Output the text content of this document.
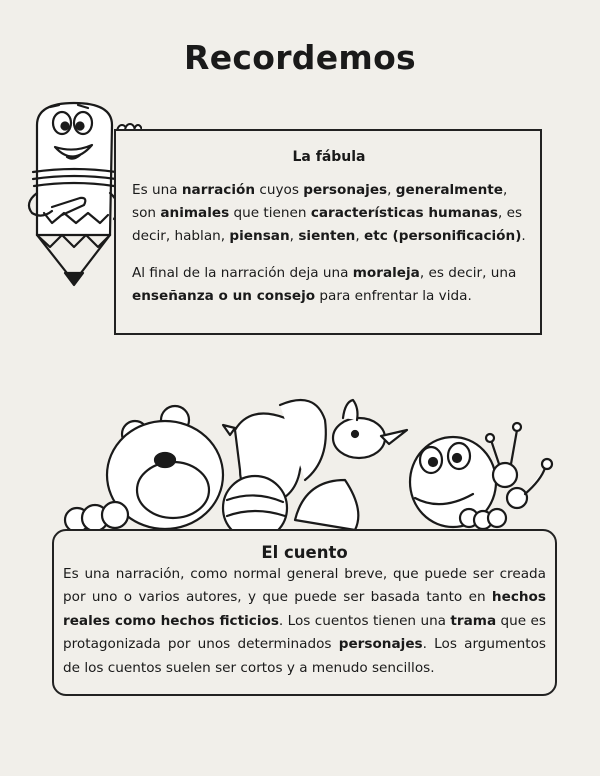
Recordemos
La fábula

Es una narración cuyos personajes, generalmente, son animales que tienen características humanas, es decir, hablan, piensan, sienten, etc (personificación).

Al final de la narración deja una moraleja, es decir, una enseñanza o un consejo para enfrentar la vida.

El cuento

Es una narración, como normal general breve, que puede ser creada por uno o varios autores, y que puede ser basada tanto en hechos reales como hechos ficticios. Los cuentos tienen una trama que es protagonizada por unos determinados personajes. Los argumentos de los cuentos suelen ser cortos y a menudo sencillos.
